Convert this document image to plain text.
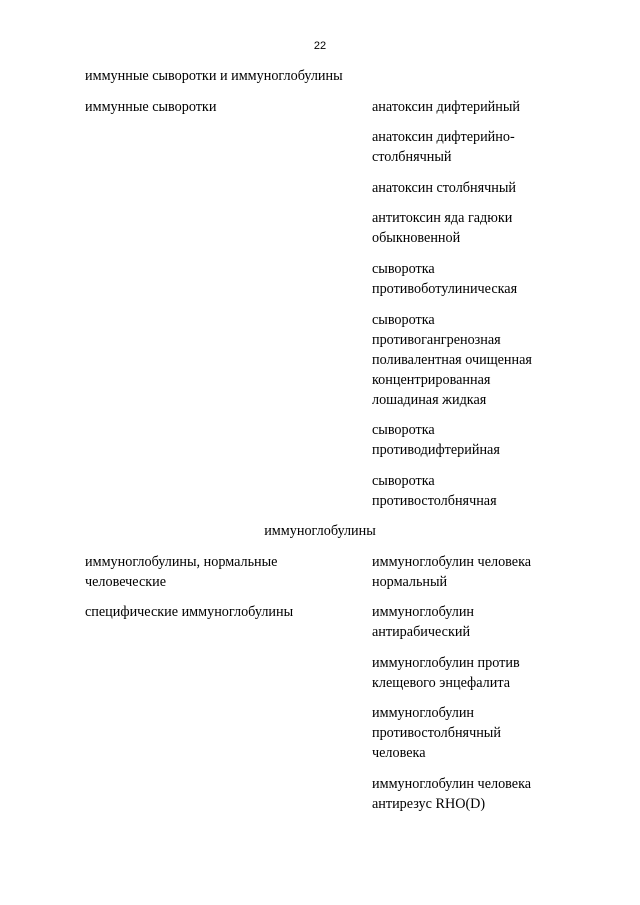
22
иммунные сыворотки и иммуноглобулины
иммунные сыворотки	анатоксин дифтерийный
анатоксин дифтерийно-
столбнячный
анатоксин столбнячный
антитоксин яда гадюки
обыкновенной
сыворотка
противоботулиническая
сыворотка
противогангренозная
поливалентная очищенная
концентрированная
лошадиная жидкая
сыворотка
противодифтерийная
сыворотка
противостолбнячная
иммуноглобулины
иммуноглобулины, нормальные
человеческие
иммуноглобулин человека
нормальный
специфические иммуноглобулины	иммуноглобулин
антирабический
иммуноглобулин против
клещевого энцефалита
иммуноглобулин
противостолбнячный
человека
иммуноглобулин человека
антирезус RHO(D)
